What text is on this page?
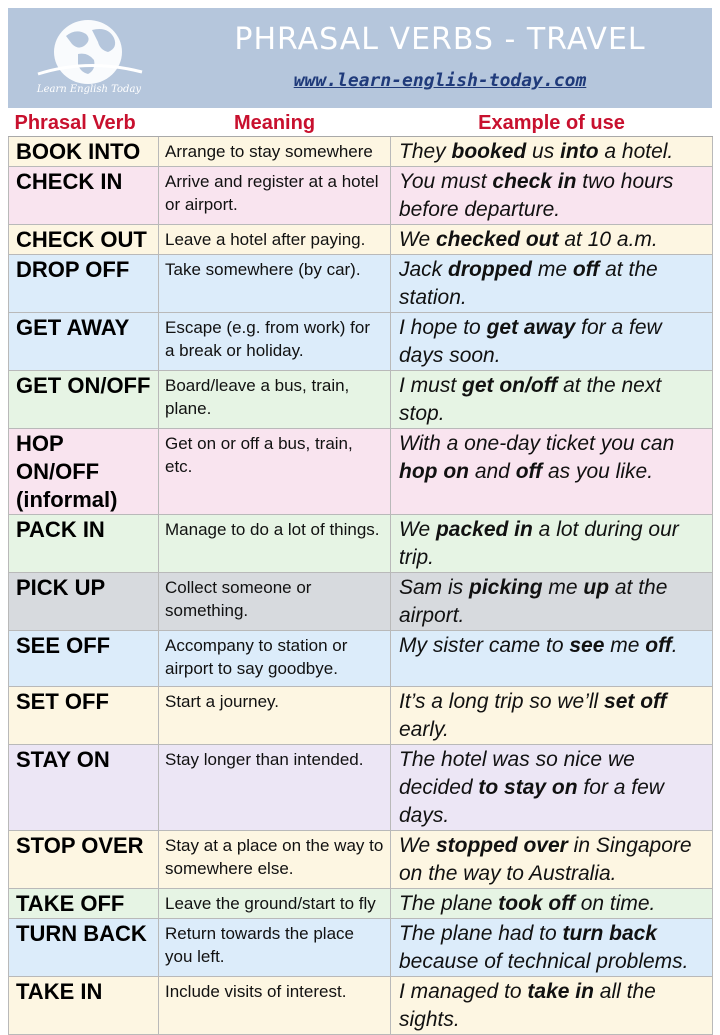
Learn English Today
PHRASAL VERBS - TRAVEL
www.learn-english-today.com
Phrasal Verb	Meaning	Example of use
BOOK INTO	Arrange to stay somewhere	They booked us into a hotel.
CHECK IN	Arrive and register at a hotel or airport.	You must check in two hours before departure.
CHECK OUT	Leave a hotel after paying.	We checked out at 10 a.m.
DROP OFF	Take somewhere (by car).	Jack dropped me off at the station.
GET AWAY	Escape (e.g. from work) for a break or holiday.	I hope to get away for a few days soon.
GET ON/OFF	Board/leave a bus, train, plane.	I must get on/off at the next stop.
HOP ON/OFF (informal)	Get on or off a bus, train, etc.	With a one-day ticket you can hop on and off as you like.
PACK IN	Manage to do a lot of things.	We packed in a lot during our trip.
PICK UP	Collect someone or something.	Sam is picking me up at the airport.
SEE OFF	Accompany to station or airport to say goodbye.	My sister came to see me off.
SET OFF	Start a journey.	It’s a long trip so we’ll set off early.
STAY ON	Stay longer than intended.	The hotel was so nice we decided to stay on for a few days.
STOP OVER	Stay at a place on the way to somewhere else.	We stopped over in Singapore on the way to Australia.
TAKE OFF	Leave the ground/start to fly	The plane took off on time.
TURN BACK	Return towards the place you left.	The plane had to turn back because of technical problems.
TAKE IN	Include visits of interest.	I managed to take in all the sights.
